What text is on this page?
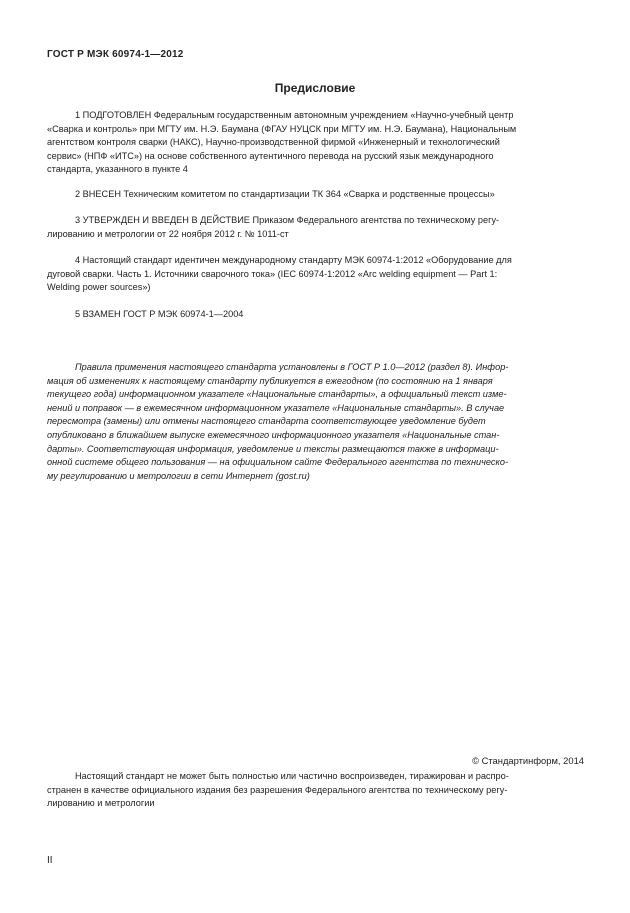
ГОСТ Р МЭК 60974-1—2012
Предисловие
1 ПОДГОТОВЛЕН Федеральным государственным автономным учреждением «Научно-учебный центр
«Сварка и контроль» при МГТУ им. Н.Э. Баумана (ФГАУ НУЦСК при МГТУ им. Н.Э. Баумана), Национальным
агентством контроля сварки (НАКС), Научно-производственной фирмой «Инженерный и технологический
сервис» (НПФ «ИТС») на основе собственного аутентичного перевода на русский язык международного
стандарта, указанного в пункте 4
2 ВНЕСЕН Техническим комитетом по стандартизации ТК 364 «Сварка и родственные процессы»
3 УТВЕРЖДЕН И ВВЕДЕН В ДЕЙСТВИЕ Приказом Федерального агентства по техническому регу-
лированию и метрологии от 22 ноября 2012 г. № 1011-ст
4 Настоящий стандарт идентичен международному стандарту МЭК 60974-1:2012 «Оборудование для
дуговой сварки. Часть 1. Источники сварочного тока» (IEC 60974-1:2012 «Arc welding equipment — Part 1:
Welding power sources»)
5 ВЗАМЕН ГОСТ Р МЭК 60974-1—2004
Правила применения настоящего стандарта установлены в ГОСТ Р 1.0—2012 (раздел 8). Инфор-
мация об изменениях к настоящему стандарту публикуется в ежегодном (по состоянию на 1 января
текущего года) информационном указателе «Национальные стандарты», а официальный текст изме-
нений и поправок — в ежемесячном информационном указателе «Национальные стандарты». В случае
пересмотра (замены) или отмены настоящего стандарта соответствующее уведомление будет
опубликовано в ближайшем выпуске ежемесячного информационного указателя «Национальные стан-
дарты». Соответствующая информация, уведомление и тексты размещаются также в информаци-
онной системе общего пользования — на официальном сайте Федерального агентства по техническо-
му регулированию и метрологии в сети Интернет (gost.ru)
© Стандартинформ, 2014
Настоящий стандарт не может быть полностью или частично воспроизведен, тиражирован и распро-
странен в качестве официального издания без разрешения Федерального агентства по техническому регу-
лированию и метрологии
II
